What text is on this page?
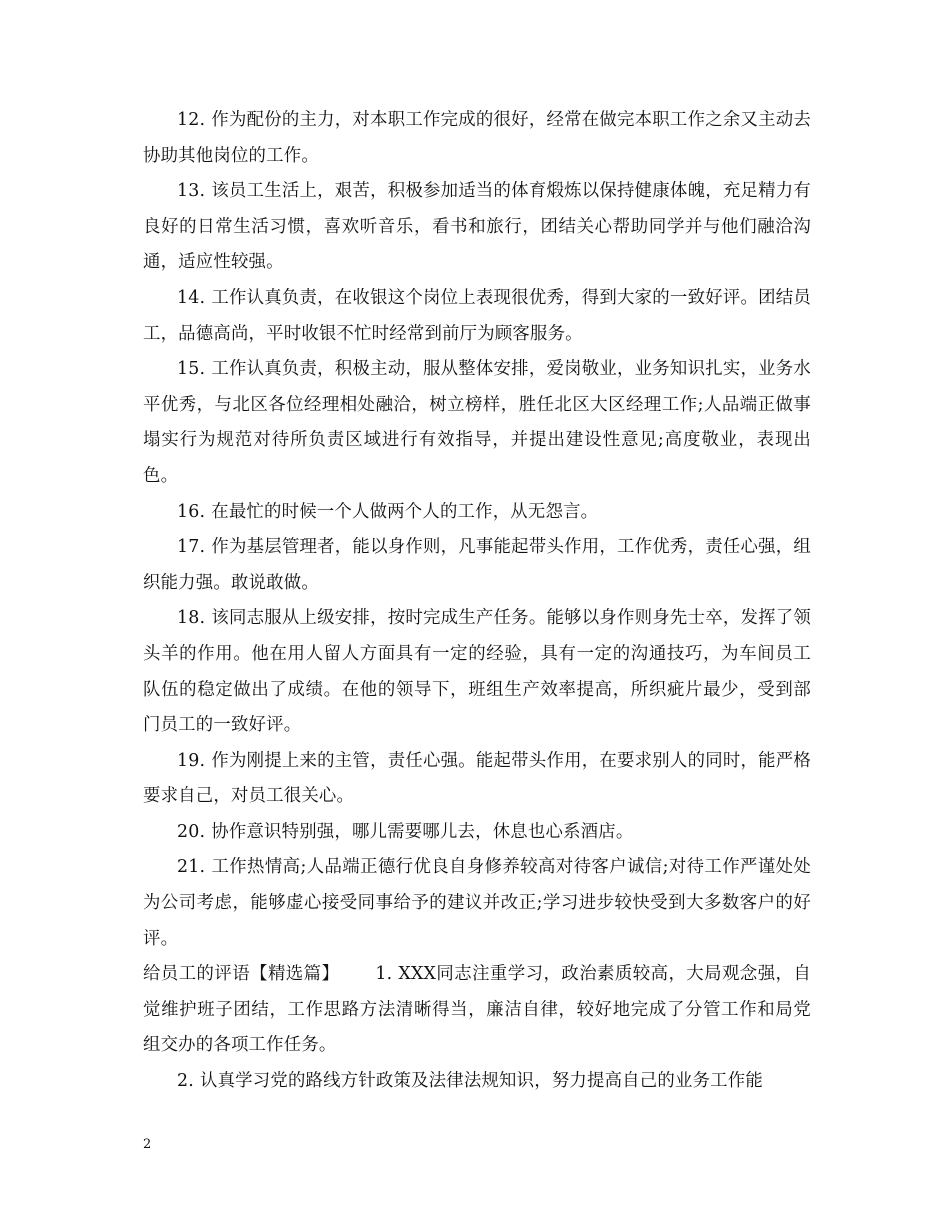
12. 作为配份的主力，对本职工作完成的很好，经常在做完本职工作之余又主动去协助其他岗位的工作。

13. 该员工生活上，艰苦，积极参加适当的体育煅炼以保持健康体魄，充足精力有良好的日常生活习惯，喜欢听音乐，看书和旅行，团结关心帮助同学并与他们融洽沟通，适应性较强。

14. 工作认真负责，在收银这个岗位上表现很优秀，得到大家的一致好评。团结员工，品德高尚，平时收银不忙时经常到前厅为顾客服务。

15. 工作认真负责，积极主动，服从整体安排，爱岗敬业，业务知识扎实，业务水平优秀，与北区各位经理相处融洽，树立榜样，胜任北区大区经理工作;人品端正做事塌实行为规范对待所负责区域进行有效指导，并提出建设性意见;高度敬业，表现出色。

16. 在最忙的时候一个人做两个人的工作，从无怨言。

17. 作为基层管理者，能以身作则，凡事能起带头作用，工作优秀，责任心强，组织能力强。敢说敢做。

18. 该同志服从上级安排，按时完成生产任务。能够以身作则身先士卒，发挥了领头羊的作用。他在用人留人方面具有一定的经验，具有一定的沟通技巧，为车间员工队伍的稳定做出了成绩。在他的领导下，班组生产效率提高，所织疵片最少，受到部门员工的一致好评。

19. 作为刚提上来的主管，责任心强。能起带头作用，在要求别人的同时，能严格要求自己，对员工很关心。

20. 协作意识特别强，哪儿需要哪儿去，休息也心系酒店。

21. 工作热情高;人品端正德行优良自身修养较高对待客户诚信;对待工作严谨处处为公司考虑，能够虚心接受同事给予的建议并改正;学习进步较快受到大多数客户的好评。

给员工的评语【精选篇】 1. XXX同志注重学习，政治素质较高，大局观念强，自觉维护班子团结，工作思路方法清晰得当，廉洁自律，较好地完成了分管工作和局党组交办的各项工作任务。

2. 认真学习党的路线方针政策及法律法规知识，努力提高自己的业务工作能

2
